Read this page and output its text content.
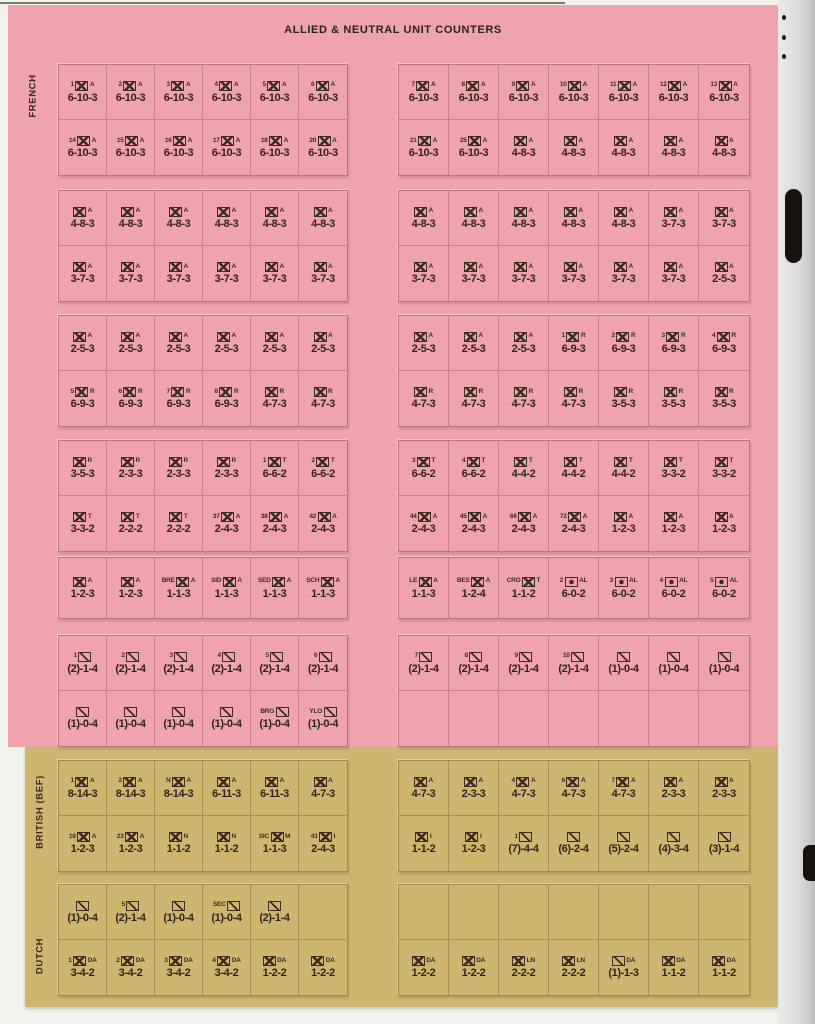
ALLIED & NEUTRAL UNIT COUNTERS
FRENCH
BRITISH (BEF)
DUTCH
1 A
6-10-3
2 A
6-10-3
3 A
6-10-3
4 A
6-10-3
5 A
6-10-3
6 A
6-10-3
14 A
6-10-3
15 A
6-10-3
16 A
6-10-3
17 A
6-10-3
18 A
6-10-3
20 A
6-10-3
7 A
6-10-3
8 A
6-10-3
9 A
6-10-3
10 A
6-10-3
11 A
6-10-3
12 A
6-10-3
13 A
6-10-3
21 A
6-10-3
25 A
6-10-3
A
4-8-3
A
4-8-3
A
4-8-3
A
4-8-3
A
4-8-3
A
4-8-3
A
4-8-3
A
4-8-3
A
4-8-3
A
4-8-3
A
4-8-3
A
3-7-3
A
3-7-3
A
3-7-3
A
3-7-3
A
3-7-3
A
3-7-3
A
4-8-3
A
4-8-3
A
4-8-3
A
4-8-3
A
4-8-3
A
3-7-3
A
3-7-3
A
3-7-3
A
3-7-3
A
3-7-3
A
3-7-3
A
3-7-3
A
3-7-3
A
2-5-3
A
2-5-3
A
2-5-3
A
2-5-3
A
2-5-3
A
2-5-3
A
2-5-3
5 R
6-9-3
6 R
6-9-3
7 R
6-9-3
8 R
6-9-3
R
4-7-3
R
4-7-3
A
2-5-3
A
2-5-3
A
2-5-3
1 R
6-9-3
2 R
6-9-3
3 R
6-9-3
4 R
6-9-3
R
4-7-3
R
4-7-3
R
4-7-3
R
4-7-3
R
3-5-3
R
3-5-3
R
3-5-3
R
3-5-3
R
2-3-3
R
2-3-3
R
2-3-3
1 T
6-6-2
2 T
6-6-2
T
3-3-2
T
2-2-2
T
2-2-2
37 A
2-4-3
38 A
2-4-3
42 A
2-4-3
3 T
6-6-2
4 T
6-6-2
T
4-4-2
T
4-4-2
T
4-4-2
T
3-3-2
T
3-3-2
44 A
2-4-3
45 A
2-4-3
68 A
2-4-3
72 A
2-4-3
A
1-2-3
A
1-2-3
A
1-2-3
A
1-2-3
A
1-2-3
BRE A
1-1-3
SID A
1-1-3
SED A
1-1-3
SCH A
1-1-3
LE A
1-1-3
BES A
1-2-4
CRO T
1-1-2
2 AL
6-0-2
3 AL
6-0-2
4 AL
6-0-2
5 AL
6-0-2
1
(2)-1-4
2
(2)-1-4
3
(2)-1-4
4
(2)-1-4
5
(2)-1-4
6
(2)-1-4
(1)-0-4 (1)-0-4 (1)-0-4 (1)-0-4
BRG
(1)-0-4
YLO
(1)-0-4
7
(2)-1-4
8
(2)-1-4
9
(2)-1-4
10
(2)-1-4 (1)-0-4 (1)-0-4 (1)-0-4
1 A
8-14-3
2 A
8-14-3
N A
8-14-3
A
6-11-3
A
6-11-3
A
4-7-3
19 A
1-2-3
23 A
1-2-3
N
1-1-2
N
1-1-2
SIC M
1-1-3
43 I
2-4-3
A
4-7-3
A
2-3-3
4 A
4-7-3
6 A
4-7-3
7 A
4-7-3
A
2-3-3
A
2-3-3
I
1-1-2
I
1-2-3
1
(7)-4-4 (6)-2-4 (5)-2-4 (4)-3-4 (3)-1-4
(1)-0-4
5
(2)-1-4 (1)-0-4
SEC
(1)-0-4 (2)-1-4
1 DA
3-4-2
2 DA
3-4-2
3 DA
3-4-2
4 DA
3-4-2
DA
1-2-2
DA
1-2-2
DA
1-2-2
DA
1-2-2
LN
2-2-2
LN
2-2-2
DA
(1)-1-3
DA
1-1-2
DA
1-1-2
